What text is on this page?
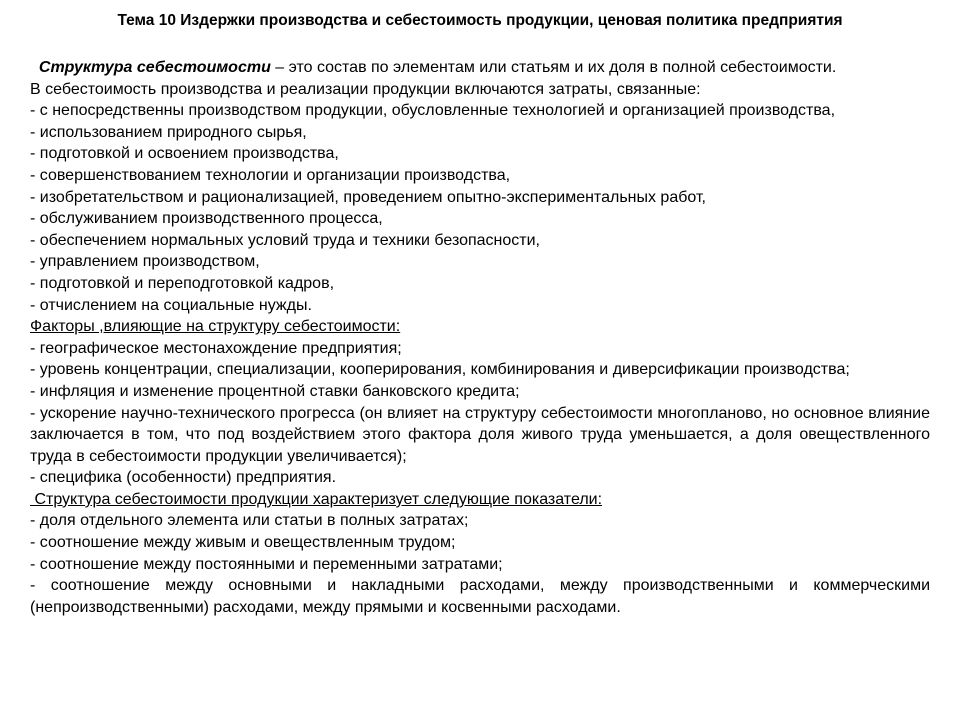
Тема 10 Издержки производства и себестоимость продукции, ценовая политика предприятия

Структура себестоимости – это состав по элементам или статьям и их доля в полной себестоимости.

В себестоимость производства и реализации продукции включаются затраты, связанные:

- с непосредственны производством продукции, обусловленные технологией и организацией производства,

- использованием природного сырья,

- подготовкой и освоением производства,

- совершенствованием технологии и организации производства,

- изобретательством и рационализацией, проведением опытно-экспериментальных работ,

- обслуживанием производственного процесса,

- обеспечением нормальных условий труда и техники безопасности,

- управлением производством,

- подготовкой и переподготовкой кадров,

- отчислением на социальные нужды.

Факторы ,влияющие на структуру себестоимости:

- географическое местонахождение предприятия;

- уровень концентрации, специализации, кооперирования, комбинирования и диверсификации производства;

- инфляция и изменение процентной ставки банковского кредита;

- ускорение научно-технического прогресса (он влияет на структуру себестоимости многопланово, но основное влияние заключается в том, что под воздействием этого фактора доля живого труда уменьшается, а доля овеществленного труда в себестоимости продукции увеличивается);

- специфика (особенности) предприятия.

Структура себестоимости продукции характеризует следующие показатели:

- доля отдельного элемента или статьи в полных затратах;

- соотношение между живым и овеществленным трудом;

- соотношение между постоянными и переменными затратами;

- соотношение между основными и накладными расходами, между производственными и коммерческими (непроизводственными) расходами, между прямыми и косвенными расходами.
